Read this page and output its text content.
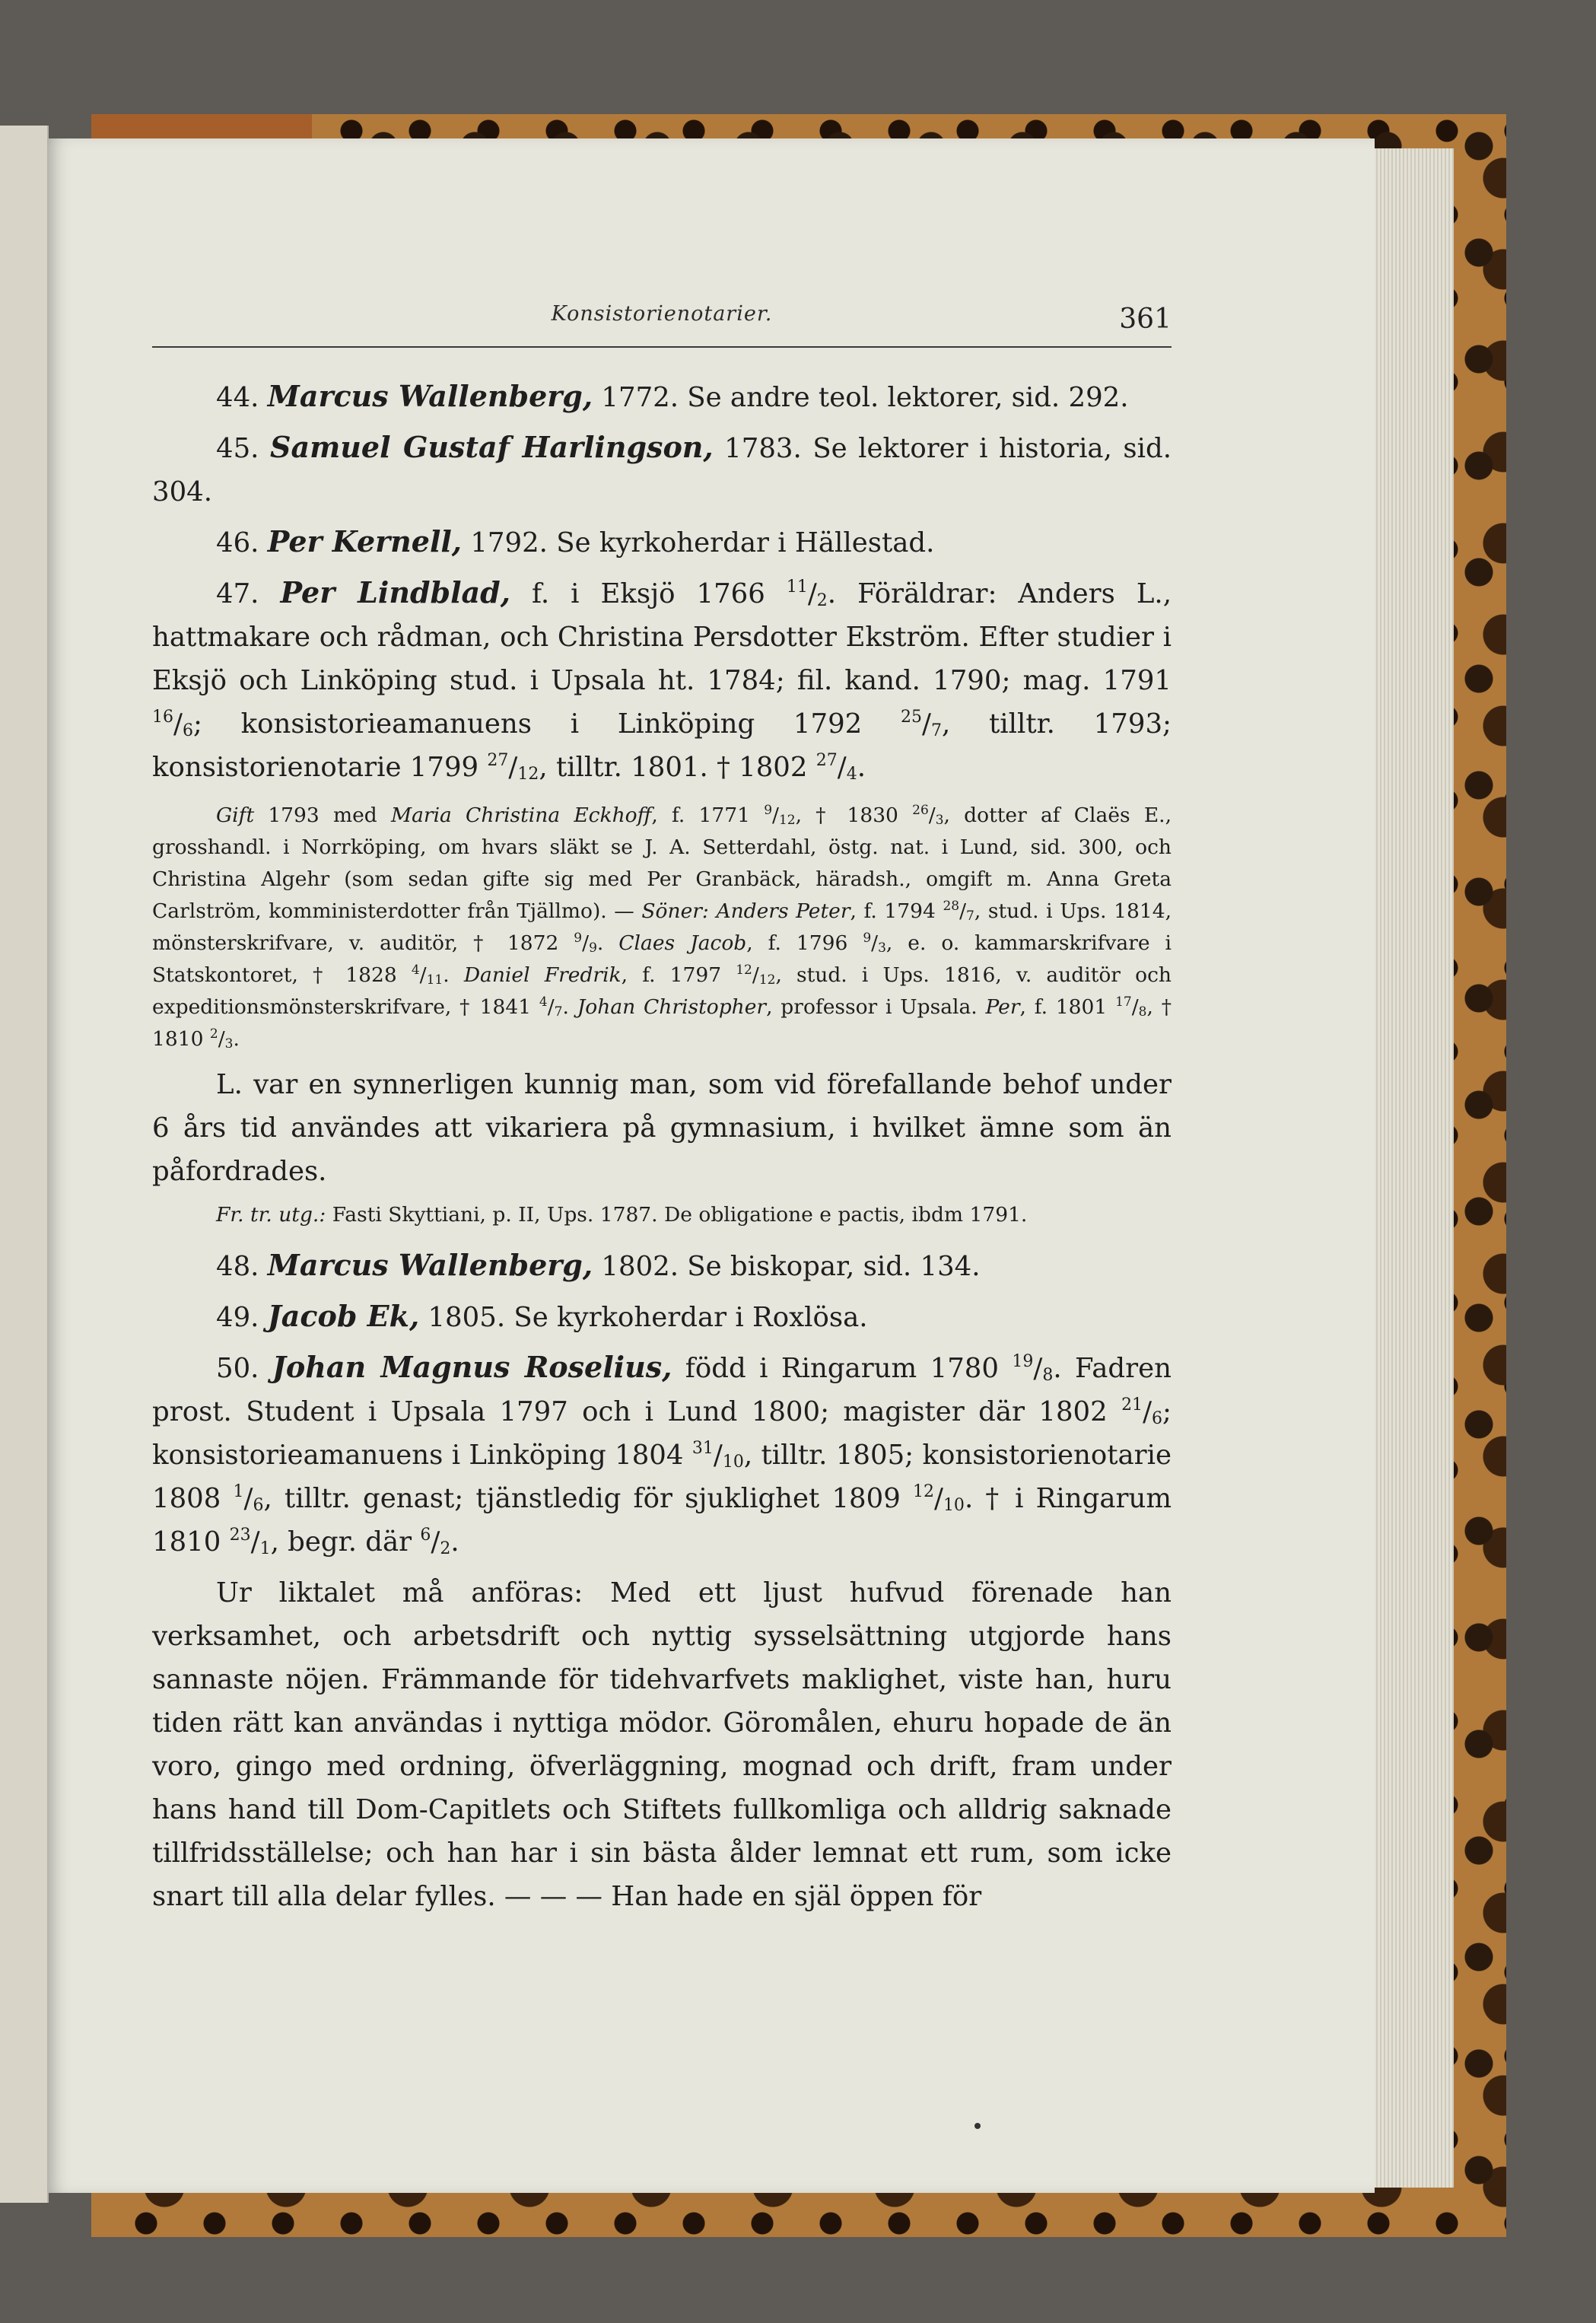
Konsistorienotarier.	361

44. Marcus Wallenberg, 1772. Se andre teol. lektorer, sid. 292.

45. Samuel Gustaf Harlingson, 1783. Se lektorer i historia, sid. 304.

46. Per Kernell, 1792. Se kyrkoherdar i Hällestad.

47. Per Lindblad, f. i Eksjö 1766 $^{11}/_2$. Föräldrar: Anders L., hattmakare och rådman, och Christina Persdotter Ekström. Efter studier i Eksjö och Linköping stud. i Upsala ht. 1784; fil. kand. 1790; mag. 1791 $^{16}/_6$; konsistorieamanuens i Linköping 1792 $^{25}/_7$, tilltr. 1793; konsistorienotarie 1799 $^{27}/_{12}$, tilltr. 1801. † 1802 $^{27}/_4$.

Gift 1793 med Maria Christina Eckhoff, f. 1771 $^9/_{12}$, † 1830 $^{26}/_3$, dotter af Claës E., grosshandl. i Norrköping, om hvars släkt se J. A. Setterdahl, östg. nat. i Lund, sid. 300, och Christina Algehr (som sedan gifte sig med Per Granbäck, häradsh., omgift m. Anna Greta Carlström, komministerdotter från Tjällmo). — Söner: Anders Peter, f. 1794 $^{28}/_7$, stud. i Ups. 1814, mönsterskrifvare, v. auditör, † 1872 $^9/_9$. Claes Jacob, f. 1796 $^9/_3$, e. o. kammarskrifvare i Statskontoret, † 1828 $^4/_{11}$. Daniel Fredrik, f. 1797 $^{12}/_{12}$, stud. i Ups. 1816, v. auditör och expeditionsmönsterskrifvare, † 1841 $^4/_7$. Johan Christopher, professor i Upsala. Per, f. 1801 $^{17}/_8$, † 1810 $^2/_3$.

L. var en synnerligen kunnig man, som vid förefallande behof under 6 års tid användes att vikariera på gymnasium, i hvilket ämne som än påfordrades.

Fr. tr. utg.: Fasti Skyttiani, p. II, Ups. 1787. De obligatione e pactis, ibdm 1791.

48. Marcus Wallenberg, 1802. Se biskopar, sid. 134.

49. Jacob Ek, 1805. Se kyrkoherdar i Roxlösa.

50. Johan Magnus Roselius, född i Ringarum 1780 $^{19}/_8$. Fadren prost. Student i Upsala 1797 och i Lund 1800; magister där 1802 $^{21}/_6$; konsistorieamanuens i Linköping 1804 $^{31}/_{10}$, tilltr. 1805; konsistorienotarie 1808 $^1/_6$, tilltr. genast; tjänstledig för sjuklighet 1809 $^{12}/_{10}$. † i Ringarum 1810 $^{23}/_1$, begr. där $^6/_2$.

Ur liktalet må anföras: Med ett ljust hufvud förenade han verksamhet, och arbetsdrift och nyttig sysselsättning utgjorde hans sannaste nöjen. Främmande för tidehvarfvets maklighet, viste han, huru tiden rätt kan användas i nyttiga mödor. Göromålen, ehuru hopade de än voro, gingo med ordning, öfverläggning, mognad och drift, fram under hans hand till Dom-Capitlets och Stiftets fullkomliga och alldrig saknade tillfridsställelse; och han har i sin bästa ålder lemnat ett rum, som icke snart till alla delar fylles. — — — Han hade en själ öppen för
